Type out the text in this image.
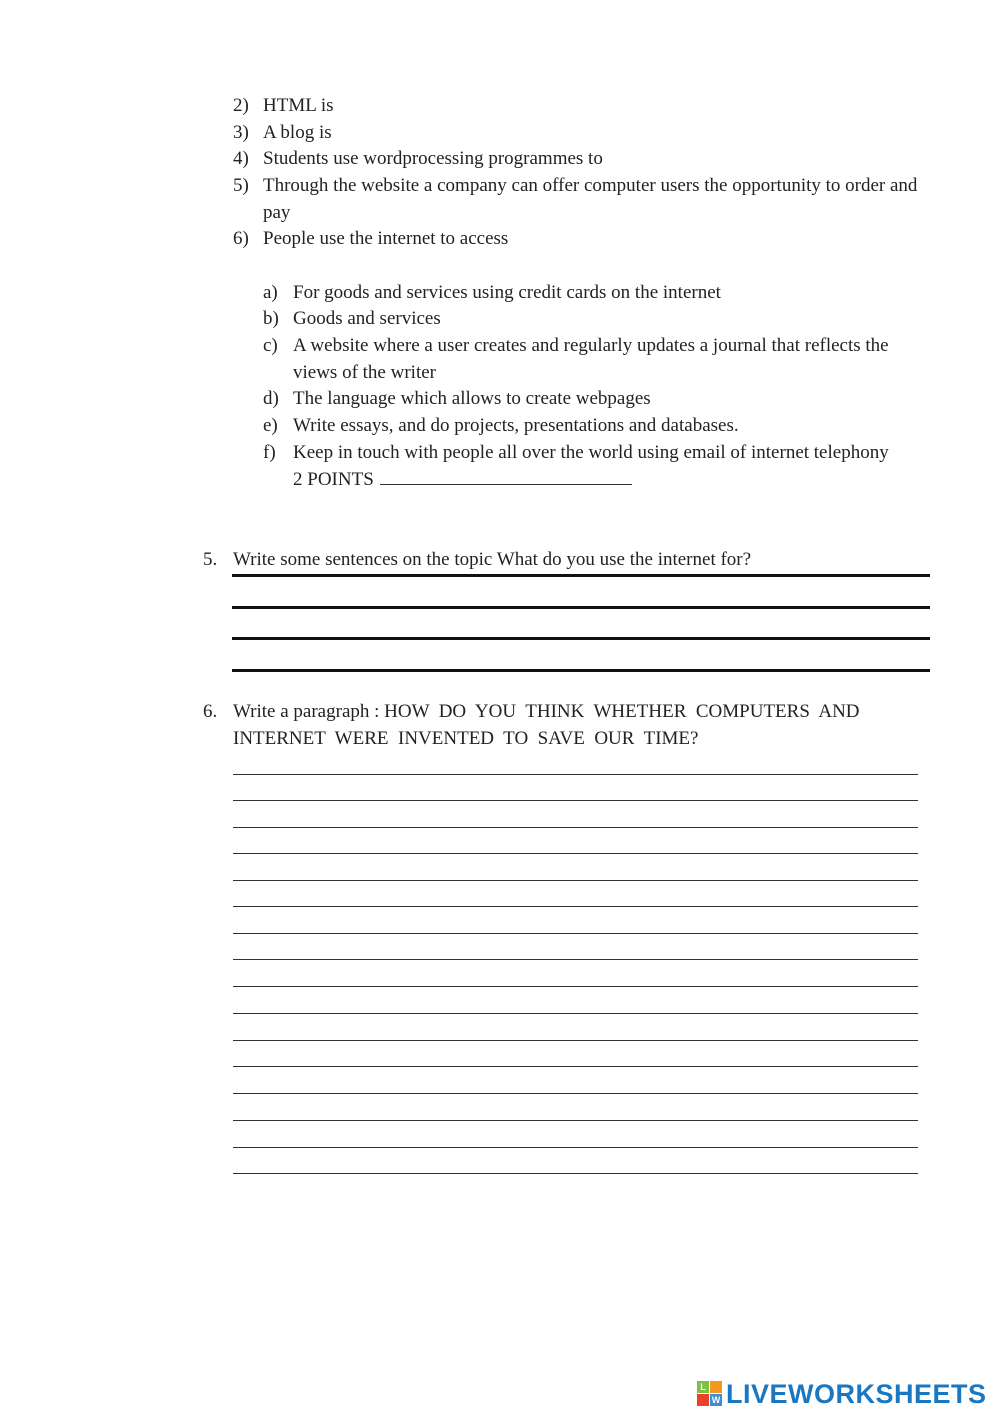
2) HTML is
3) A blog is
4) Students use wordprocessing programmes to
5) Through the website a company can offer computer users the opportunity to order and pay
6) People use the internet to access
a) For goods and services using credit cards on the internet
b) Goods and services
c) A website where a user creates and regularly updates a journal that reflects the views of the writer
d) The language which allows to create webpages
e) Write essays, and do projects, presentations and databases.
f) Keep in touch with people all over the world using email of internet telephony
2 POINTS
5. Write some sentences on the topic What do you use the internet for?
6. Write a paragraph : HOW  DO  YOU  THINK  WHETHER  COMPUTERS  AND
INTERNET  WERE  INVENTED  TO  SAVE  OUR  TIME?
L
W LIVEWORKSHEETS
